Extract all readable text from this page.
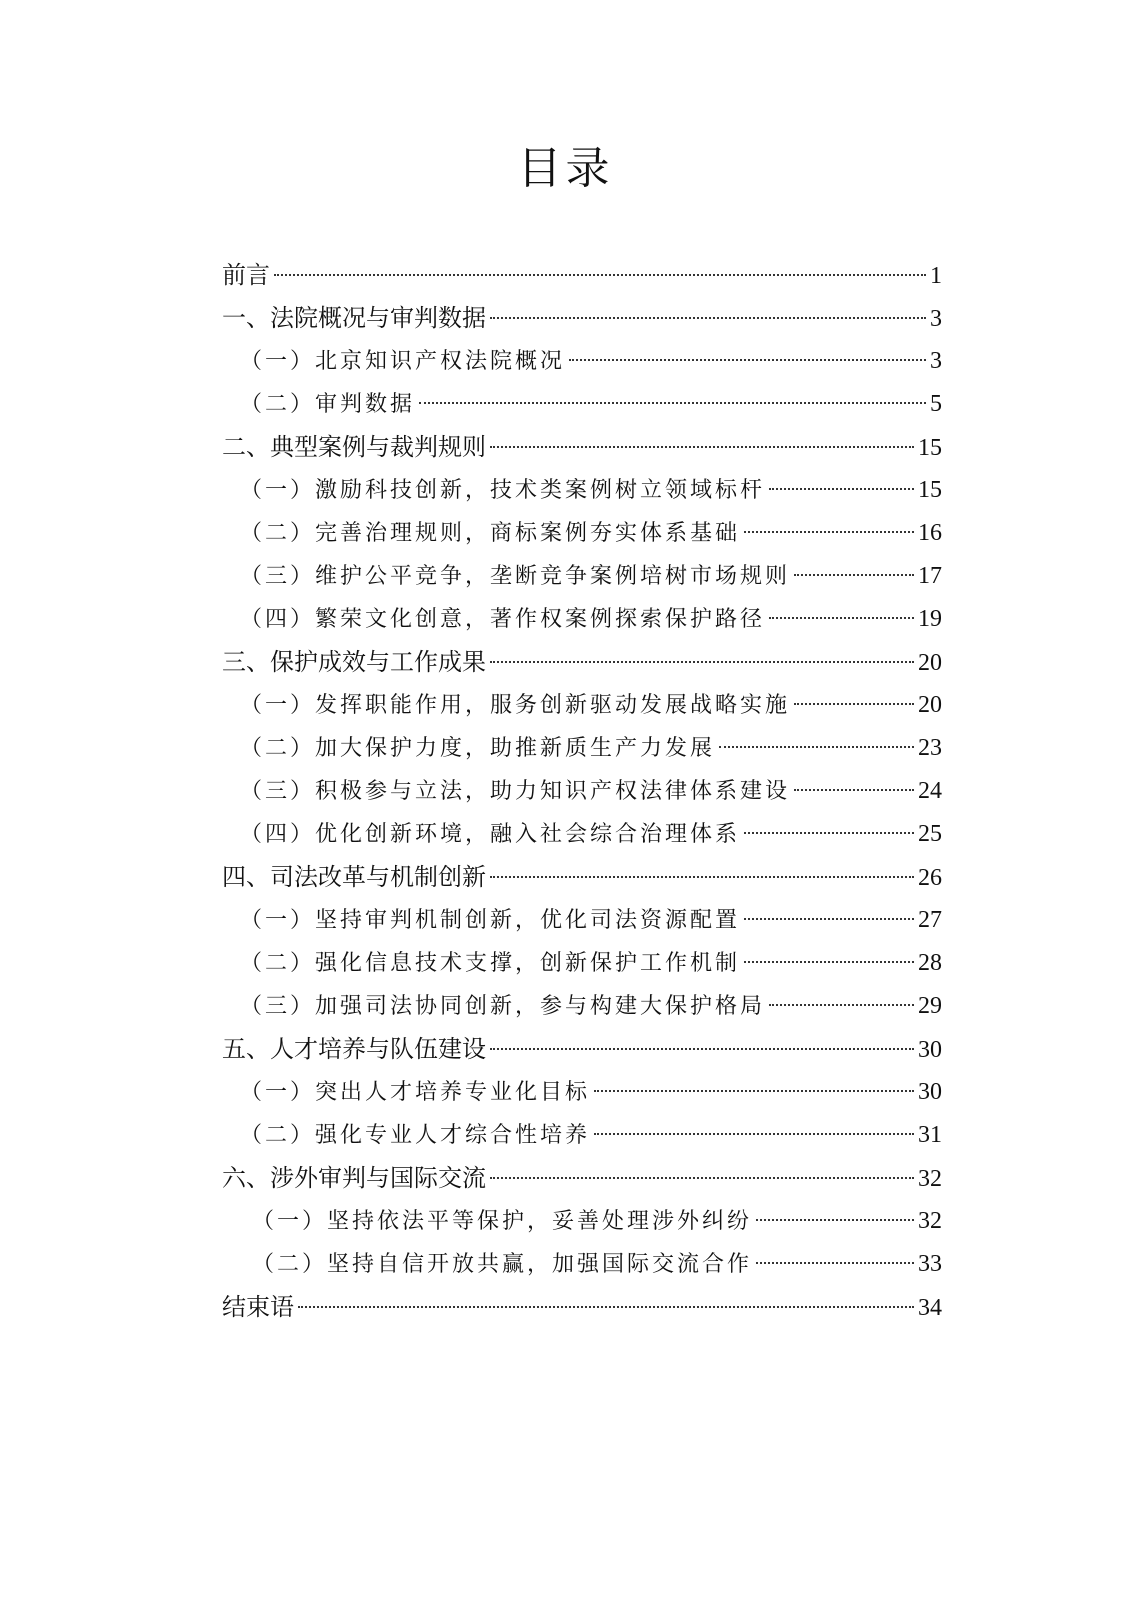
目录
前言	1
一、法院概况与审判数据	3
（一）北京知识产权法院概况	3
（二）审判数据	5
二、典型案例与裁判规则	15
（一）激励科技创新，技术类案例树立领域标杆	15
（二）完善治理规则，商标案例夯实体系基础	16
（三）维护公平竞争，垄断竞争案例培树市场规则	17
（四）繁荣文化创意，著作权案例探索保护路径	19
三、保护成效与工作成果	20
（一）发挥职能作用，服务创新驱动发展战略实施	20
（二）加大保护力度，助推新质生产力发展	23
（三）积极参与立法，助力知识产权法律体系建设	24
（四）优化创新环境，融入社会综合治理体系	25
四、司法改革与机制创新	26
（一）坚持审判机制创新，优化司法资源配置	27
（二）强化信息技术支撑，创新保护工作机制	28
（三）加强司法协同创新，参与构建大保护格局	29
五、人才培养与队伍建设	30
（一）突出人才培养专业化目标	30
（二）强化专业人才综合性培养	31
六、涉外审判与国际交流	32
（一）坚持依法平等保护，妥善处理涉外纠纷	32
（二）坚持自信开放共赢，加强国际交流合作	33
结束语	34
